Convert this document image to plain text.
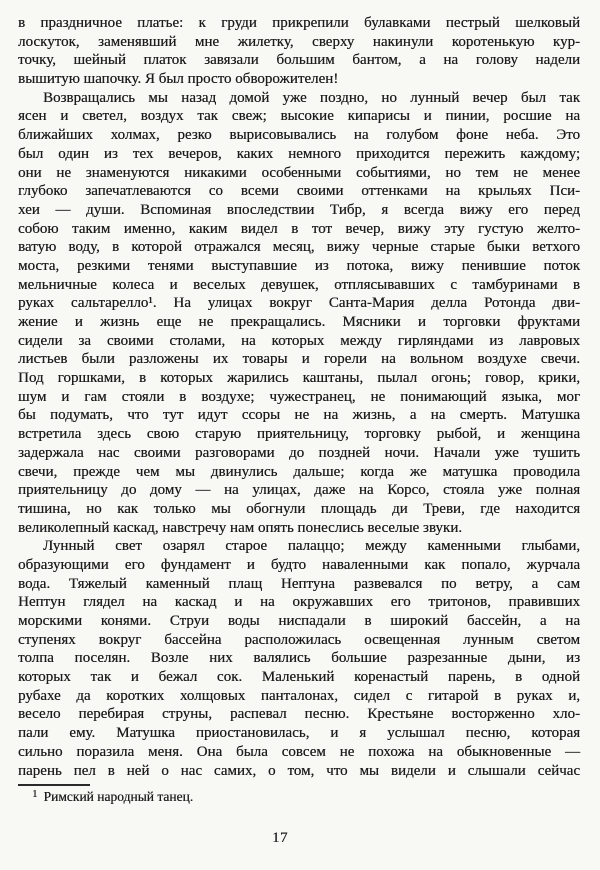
в праздничное платье: к груди прикрепили булавками пестрый шелковый
лоскуток, заменявший мне жилетку, сверху накинули коротенькую кур-
точку, шейный платок завязали большим бантом, а на голову надели
вышитую шапочку. Я был просто обворожителен!
Возвращались мы назад домой уже поздно, но лунный вечер был так
ясен и светел, воздух так свеж; высокие кипарисы и пинии, росшие на
ближайших холмах, резко вырисовывались на голубом фоне неба. Это
был один из тех вечеров, каких немного приходится пережить каждому;
они не знаменуются никакими особенными событиями, но тем не менее
глубоко запечатлеваются со всеми своими оттенками на крыльях Пси-
хеи — души. Вспоминая впоследствии Тибр, я всегда вижу его перед
собою таким именно, каким видел в тот вечер, вижу эту густую желто-
ватую воду, в которой отражался месяц, вижу черные старые быки ветхого
моста, резкими тенями выступавшие из потока, вижу пенившие поток
мельничные колеса и веселых девушек, отплясывавших с тамбуринами в
руках сальтарелло¹. На улицах вокруг Санта-Мария делла Ротонда дви-
жение и жизнь еще не прекращались. Мясники и торговки фруктами
сидели за своими столами, на которых между гирляндами из лавровых
листьев были разложены их товары и горели на вольном воздухе свечи.
Под горшками, в которых жарились каштаны, пылал огонь; говор, крики,
шум и гам стояли в воздухе; чужестранец, не понимающий языка, мог
бы подумать, что тут идут ссоры не на жизнь, а на смерть. Матушка
встретила здесь свою старую приятельницу, торговку рыбой, и женщина
задержала нас своими разговорами до поздней ночи. Начали уже тушить
свечи, прежде чем мы двинулись дальше; когда же матушка проводила
приятельницу до дому — на улицах, даже на Корсо, стояла уже полная
тишина, но как только мы обогнули площадь ди Треви, где находится
великолепный каскад, навстречу нам опять понеслись веселые звуки.
Лунный свет озарял старое палаццо; между каменными глыбами,
образующими его фундамент и будто наваленными как попало, журчала
вода. Тяжелый каменный плащ Нептуна развевался по ветру, а сам
Нептун глядел на каскад и на окружавших его тритонов, правивших
морскими конями. Струи воды ниспадали в широкий бассейн, а на
ступенях вокруг бассейна расположилась освещенная лунным светом
толпа поселян. Возле них валялись большие разрезанные дыни, из
которых так и бежал сок. Маленький коренастый парень, в одной
рубахе да коротких холщовых панталонах, сидел с гитарой в руках и,
весело перебирая струны, распевал песню. Крестьяне восторженно хло-
пали ему. Матушка приостановилась, и я услышал песню, которая
сильно поразила меня. Она была совсем не похожа на обыкновенные —
парень пел в ней о нас самих, о том, что мы видели и слышали сейчас
$^1$ Римский народный танец.
17
